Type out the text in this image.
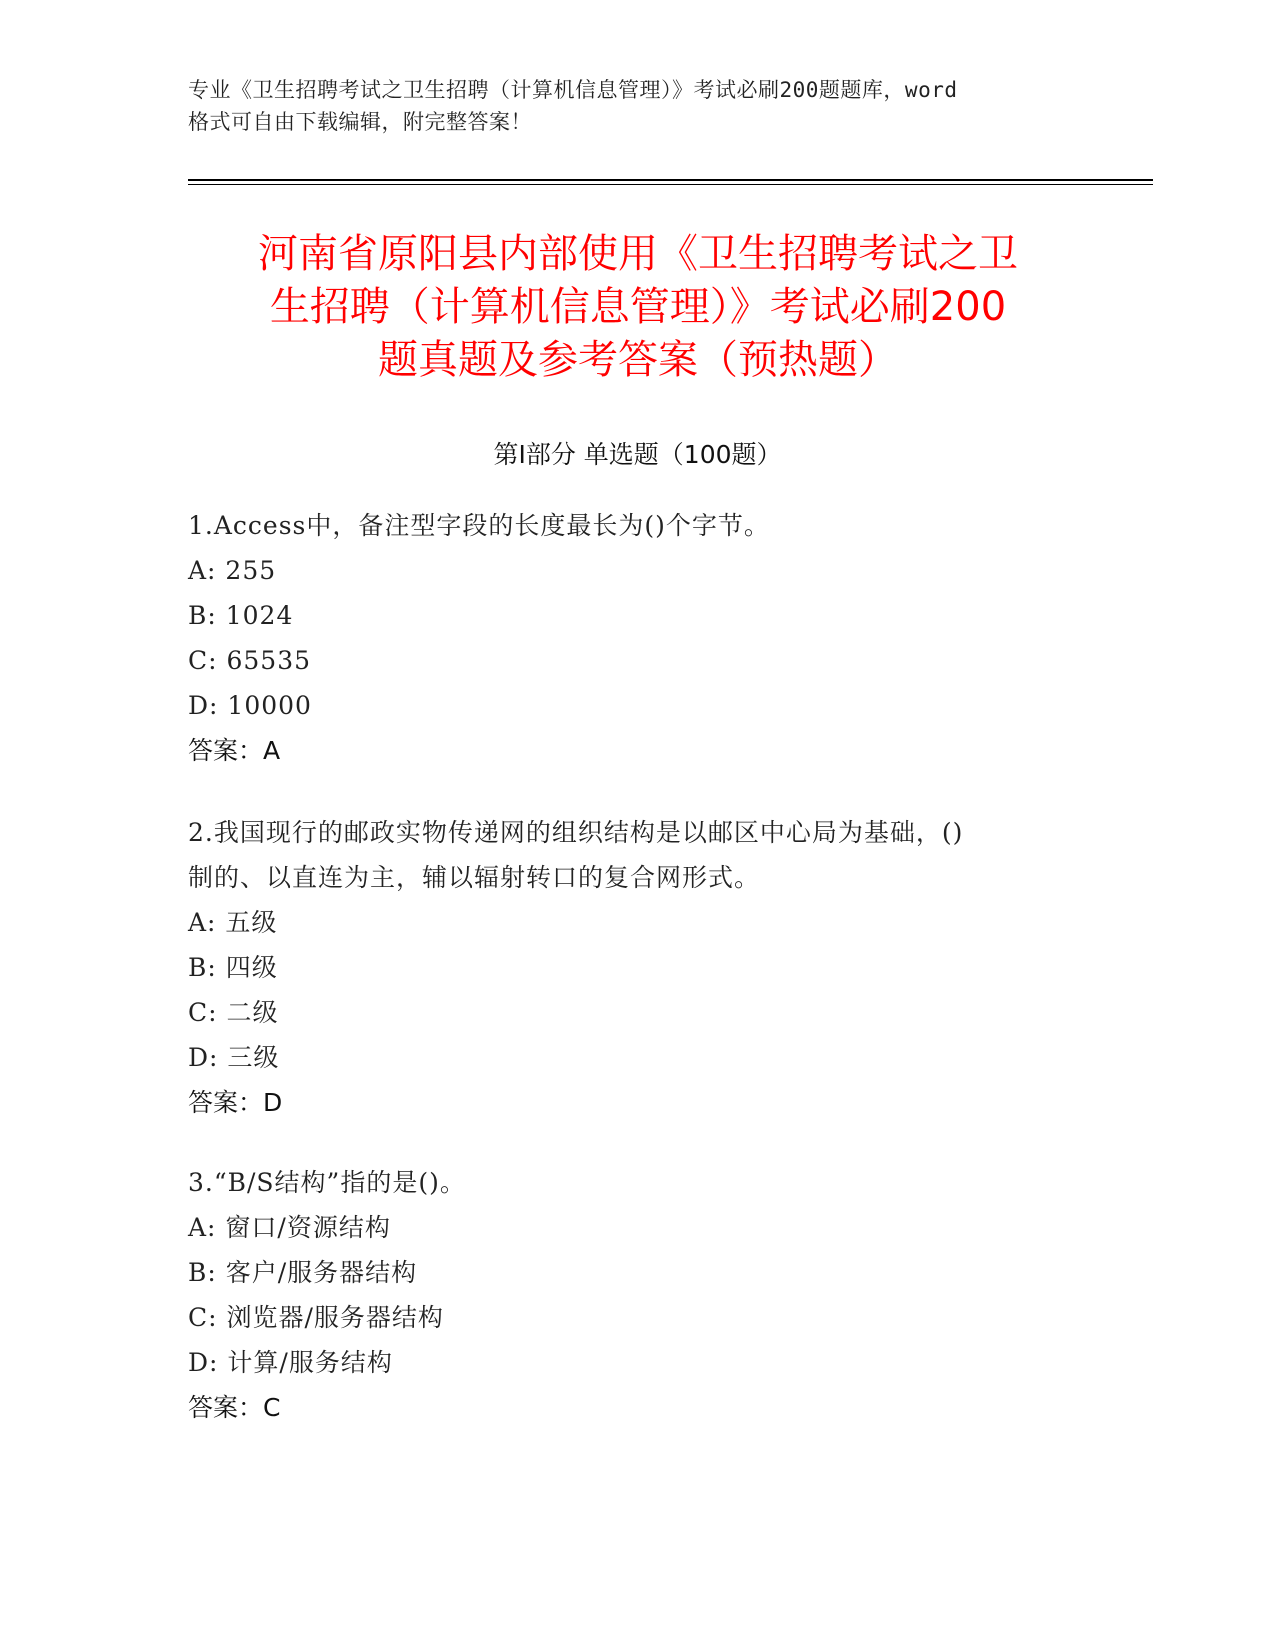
专业《卫生招聘考试之卫生招聘（计算机信息管理）》考试必刷200题题库，word
格式可自由下载编辑，附完整答案！
河南省原阳县内部使用《卫生招聘考试之卫
生招聘（计算机信息管理）》考试必刷200
题真题及参考答案（预热题）
第Ⅰ部分 单选题（100题）
1.Access中，备注型字段的长度最长为()个字节。
A: 255
B: 1024
C: 65535
D: 10000
答案：A
2.我国现行的邮政实物传递网的组织结构是以邮区中心局为基础，()
制的、以直连为主，辅以辐射转口的复合网形式。
A: 五级
B: 四级
C: 二级
D: 三级
答案：D
3.“B/S结构”指的是()。
A: 窗口/资源结构
B: 客户/服务器结构
C: 浏览器/服务器结构
D: 计算/服务结构
答案：C
